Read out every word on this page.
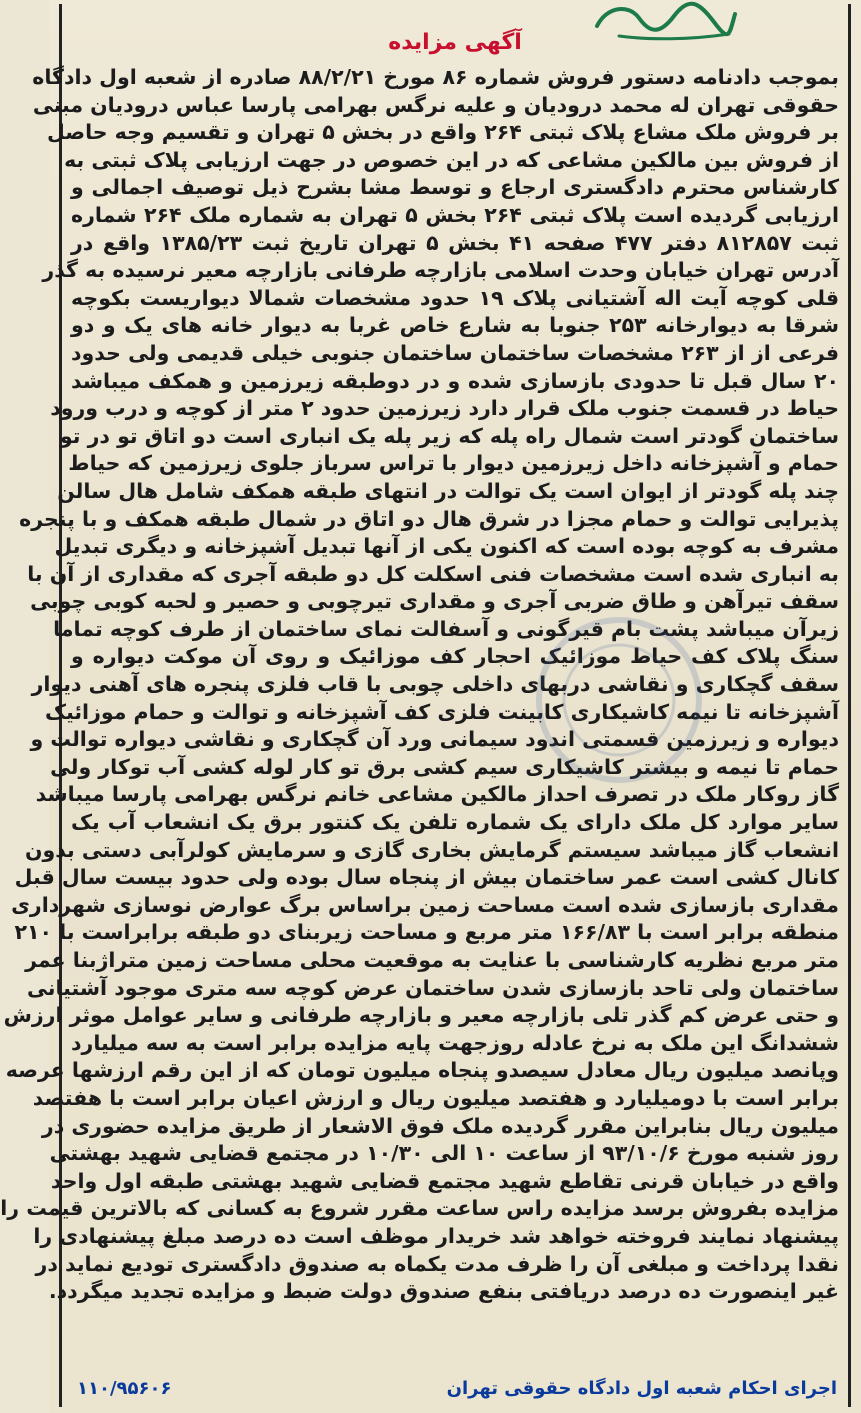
آگهی مزایده
بموجب دادنامه دستور فروش شماره ۸۶ مورخ ۸۸/۲/۲۱ صادره از شعبه اول دادگاه
حقوقی تهران له محمد درودیان و علیه نرگس بهرامی پارسا عباس درودیان مبنی
بر فروش ملک مشاع پلاک ثبتی ۲۶۴ واقع در بخش ۵ تهران و تقسیم وجه حاصل
از فروش بین مالکین مشاعی که در این خصوص در جهت ارزیابی پلاک ثبتی به
کارشناس محترم دادگستری ارجاع و توسط مشا بشرح ذیل توصیف اجمالی و
ارزیابی گردیده است پلاک ثبتی ۲۶۴ بخش ۵ تهران به شماره ملک ۲۶۴ شماره
ثبت ۸۱۲۸۵۷ دفتر ۴۷۷ صفحه ۴۱ بخش ۵ تهران تاریخ ثبت ۱۳۸۵/۲۳ واقع در
آدرس تهران خیابان وحدت اسلامی بازارچه طرفانی بازارچه معیر نرسیده به گذر
قلی کوچه آیت اله آشتیانی پلاک ۱۹ حدود مشخصات شمالا دیواریست بکوچه
شرقا به دیوارخانه ۲۵۳ جنوبا به شارع خاص غربا به دیوار خانه های یک و دو
فرعی از از ۲۶۳ مشخصات ساختمان ساختمان جنوبی خیلی قدیمی ولی حدود
۲۰ سال قبل تا حدودی بازسازی شده و در دوطبقه زیرزمین و همکف میباشد
حیاط در قسمت جنوب ملک قرار دارد زیرزمین حدود ۲ متر از کوچه و درب ورود
ساختمان گودتر است شمال راه پله که زیر پله یک انباری است دو اتاق تو در تو
حمام و آشپزخانه داخل زیرزمین دیوار با تراس سرباز جلوی زیرزمین که حیاط
چند پله گودتر از ایوان است یک توالت در انتهای طبقه همکف شامل هال سالن
پذیرایی توالت و حمام مجزا در شرق هال دو اتاق در شمال طبقه همکف و با پنجره
مشرف به کوچه بوده است که اکنون یکی از آنها تبدیل آشپزخانه و دیگری تبدیل
به انباری شده است مشخصات فنی اسکلت کل دو طبقه آجری که مقداری از آن با
سقف تیرآهن و طاق ضربی آجری و مقداری تیرچوبی و حصیر و لحبه کوبی چوبی
زیرآن میباشد پشت بام قیرگونی و آسفالت نمای ساختمان از طرف کوچه تماما
سنگ پلاک کف حیاط موزائیک احجار کف موزائیک و روی آن موکت دیواره و
سقف گچکاری و نقاشی دربهای داخلی چوبی با قاب فلزی پنجره های آهنی دیوار
آشپزخانه تا نیمه کاشیکاری کابینت فلزی کف آشپزخانه و توالت و حمام موزائیک
دیواره و زیرزمین قسمتی اندود سیمانی ورد آن گچکاری و نقاشی دیواره توالت و
حمام تا نیمه و بیشتر کاشیکاری سیم کشی برق تو کار لوله کشی آب توکار ولی
گاز روکار ملک در تصرف احداز مالکین مشاعی خانم نرگس بهرامی پارسا میباشد
سایر موارد کل ملک دارای یک شماره تلفن یک کنتور برق یک انشعاب آب یک
انشعاب گاز میباشد سیستم گرمایش بخاری گازی و سرمایش کولرآبی دستی بدون
کانال کشی است عمر ساختمان بیش از پنجاه سال بوده ولی حدود بیست سال قبل
مقداری بازسازی شده است مساحت زمین براساس برگ عوارض نوسازی شهرداری
منطقه برابر است با ۱۶۶/۸۳ متر مربع و مساحت زیربنای دو طبقه برابراست با ۲۱۰
متر مربع نظریه کارشناسی با عنایت به موقعیت محلی مساحت زمین متراژبنا عمر
ساختمان ولی تاحد بازسازی شدن ساختمان عرض کوچه سه متری موجود آشتیانی
و حتی عرض کم گذر تلی بازارچه معیر و بازارچه طرفانی و سایر عوامل موثر ارزش
ششدانگ این ملک به نرخ عادله روزجهت پایه مزایده برابر است به سه میلیارد
وپانصد میلیون ریال معادل سیصدو پنجاه میلیون تومان که از این رقم ارزشها عرصه
برابر است با دومیلیارد و هفتصد میلیون ریال و ارزش اعیان برابر است با هفتصد
میلیون ریال بنابراین مقرر گردیده ملک فوق الاشعار از طریق مزایده حضوری در
روز شنبه مورخ ۹۳/۱۰/۶ از ساعت ۱۰ الی ۱۰/۳۰ در مجتمع قضایی شهید بهشتی
واقع در خیابان قرنی تقاطع شهید مجتمع قضایی شهید بهشتی طبقه اول واحد
مزایده بفروش برسد مزایده راس ساعت مقرر شروع به کسانی که بالاترین قیمت را
پیشنهاد نمایند فروخته خواهد شد خریدار موظف است ده درصد مبلغ پیشنهادی را
نقدا پرداخت و مبلغی آن را ظرف مدت یکماه به صندوق دادگستری تودیع نماید در
غیر اینصورت ده درصد دریافتی بنفع صندوق دولت ضبط و مزایده تجدید میگردد.
اجرای احکام شعبه اول دادگاه حقوقی تهران
۱۱۰/۹۵۶۰۶
